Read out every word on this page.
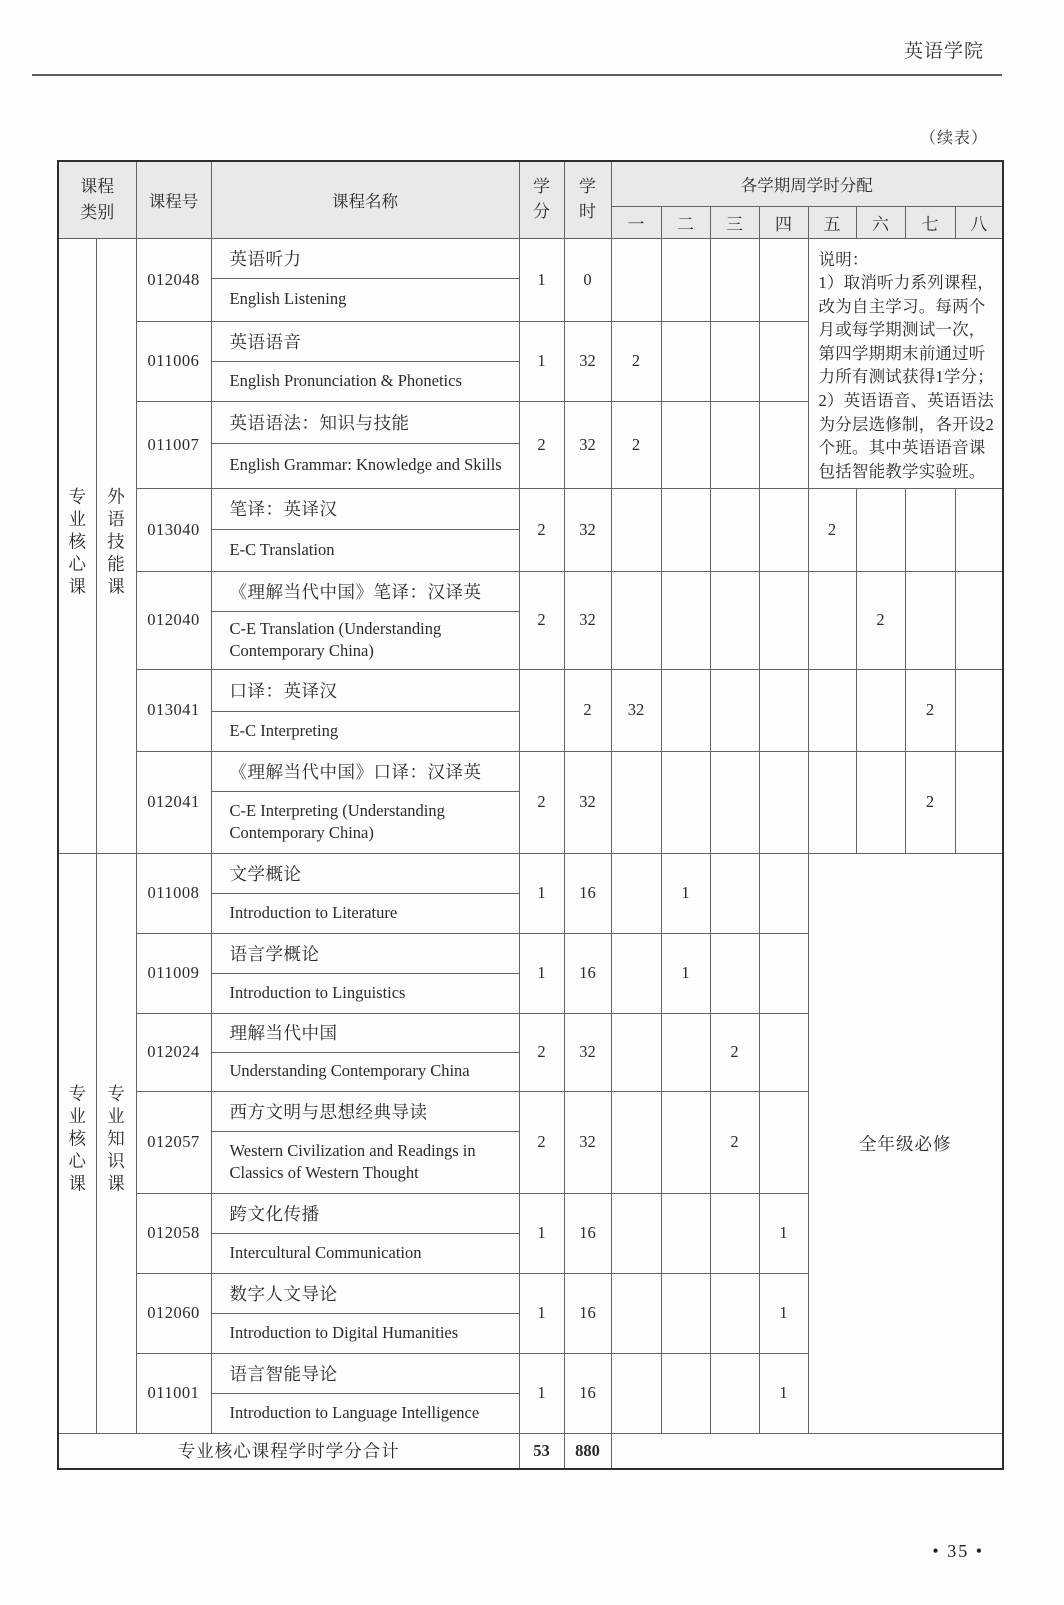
英语学院
（续表）
课程类别		课程号	课程名称	学分	学时	各学期周学时分配							
						一	二	三	四	五	六	七	八
专业核心课	外语技能课	012048	英语听力	1	0					说明：
1）取消听力系列课程，改为自主学习。每两个月或每学期测试一次，第四学期期末前通过听力所有测试获得1学分；
2）英语语音、英语语法为分层选修制，各开设2个班。其中英语语音课包括智能教学实验班。			

			English Listening										
		011006	英语语音	1	32	2							
			English Pronunciation & Phonetics										
		011007	英语语法：知识与技能	2	32	2							
			English Grammar: Knowledge and Skills										
		013040	笔译：英译汉	2	32					2			
			E-C Translation										
		012040	《理解当代中国》笔译：汉译英	2	32						2		
			C-E Translation (Understanding Contemporary China)										
		013041	口译：英译汉		2	32						2	
			E-C Interpreting										
		012041	《理解当代中国》口译：汉译英	2	32							2	
			C-E Interpreting (Understanding Contemporary China)										
专业核心课	专业知识课	011008	文学概论	1	16		1			全年级必修			
			Introduction to Literature										
		011009	语言学概论	1	16		1						
			Introduction to Linguistics										
		012024	理解当代中国	2	32			2					
			Understanding Contemporary China										
		012057	西方文明与思想经典导读	2	32			2					
			Western Civilization and Readings in Classics of Western Thought										
		012058	跨文化传播	1	16				1				
			Intercultural Communication										
		012060	数字人文导论	1	16				1				
			Introduction to Digital Humanities										
		011001	语言智能导论	1	16				1				
			Introduction to Language Intelligence										
专业核心课程学时学分合计				53	880								
• 35 •
